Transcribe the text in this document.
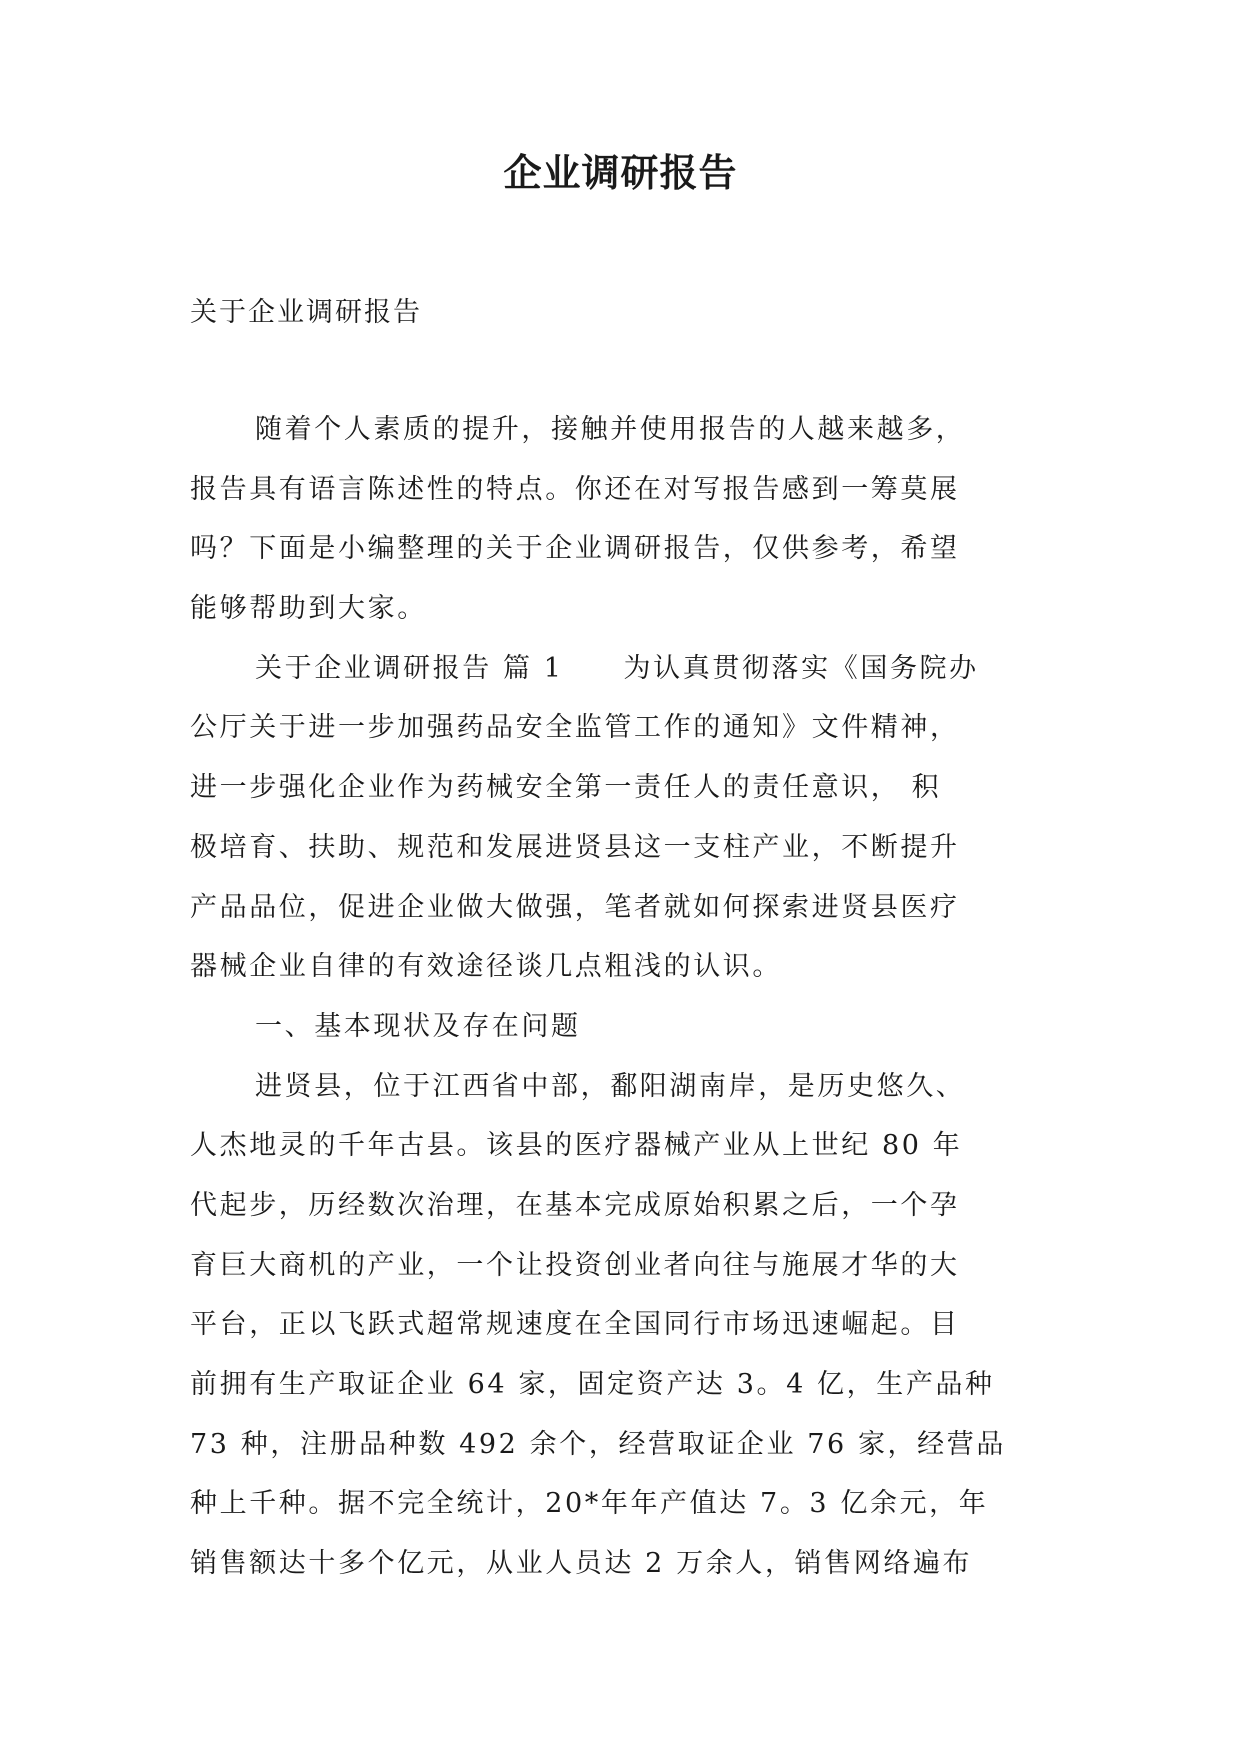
企业调研报告
关于企业调研报告
随着个人素质的提升，接触并使用报告的人越来越多，
报告具有语言陈述性的特点。你还在对写报告感到一筹莫展
吗？下面是小编整理的关于企业调研报告，仅供参考，希望
能够帮助到大家。
关于企业调研报告 篇 1 为认真贯彻落实《国务院办
公厅关于进一步加强药品安全监管工作的通知》文件精神，
进一步强化企业作为药械安全第一责任人的责任意识， 积
极培育、扶助、规范和发展进贤县这一支柱产业，不断提升
产品品位，促进企业做大做强，笔者就如何探索进贤县医疗
器械企业自律的有效途径谈几点粗浅的认识。
一、基本现状及存在问题
进贤县，位于江西省中部，鄱阳湖南岸，是历史悠久、
人杰地灵的千年古县。该县的医疗器械产业从上世纪 80 年
代起步，历经数次治理，在基本完成原始积累之后，一个孕
育巨大商机的产业，一个让投资创业者向往与施展才华的大
平台，正以飞跃式超常规速度在全国同行市场迅速崛起。目
前拥有生产取证企业 64 家，固定资产达 3。4 亿，生产品种
73 种，注册品种数 492 余个，经营取证企业 76 家，经营品
种上千种。据不完全统计，20*年年产值达 7。3 亿余元，年
销售额达十多个亿元，从业人员达 2 万余人，销售网络遍布
